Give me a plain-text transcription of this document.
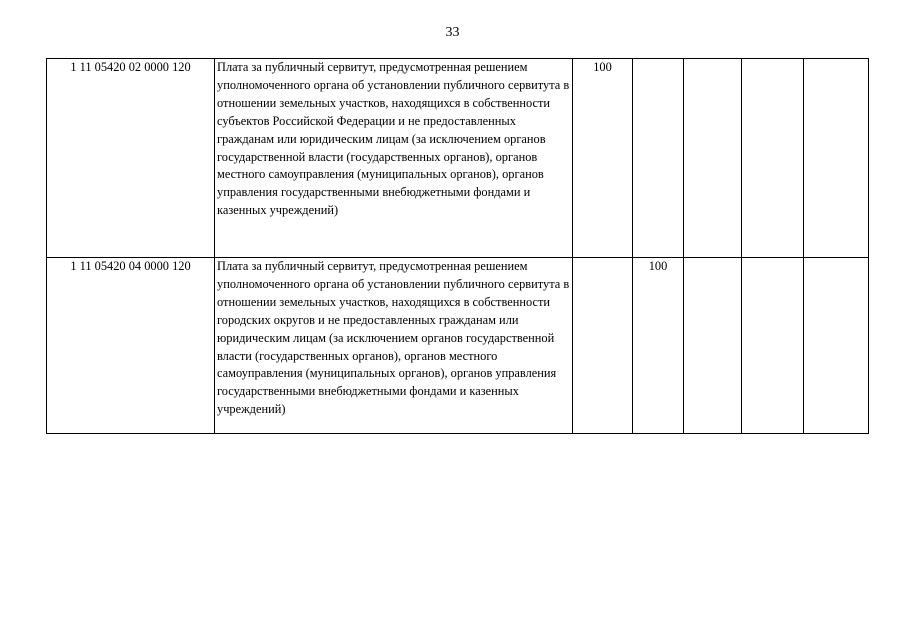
33
1 11 05420 02 0000 120	Плата за публичный сервитут, предусмотренная решением уполномоченного органа об установлении публичного сервитута в отношении земельных участков, находящихся в собственности субъектов Российской Федерации и не предоставленных гражданам или юридическим лицам (за исключением органов государственной власти (государственных органов), органов местного самоуправления (муниципальных органов), органов управления государственными внебюджетными фондами и казенных учреждений)	100				
1 11 05420 04 0000 120	Плата за публичный сервитут, предусмотренная решением уполномоченного органа об установлении публичного сервитута в отношении земельных участков, находящихся в собственности городских округов и не предоставленных гражданам или юридическим лицам (за исключением органов государственной власти (государственных органов), органов местного самоуправления (муниципальных органов), органов управления государственными внебюджетными фондами и казенных учреждений)		100			
